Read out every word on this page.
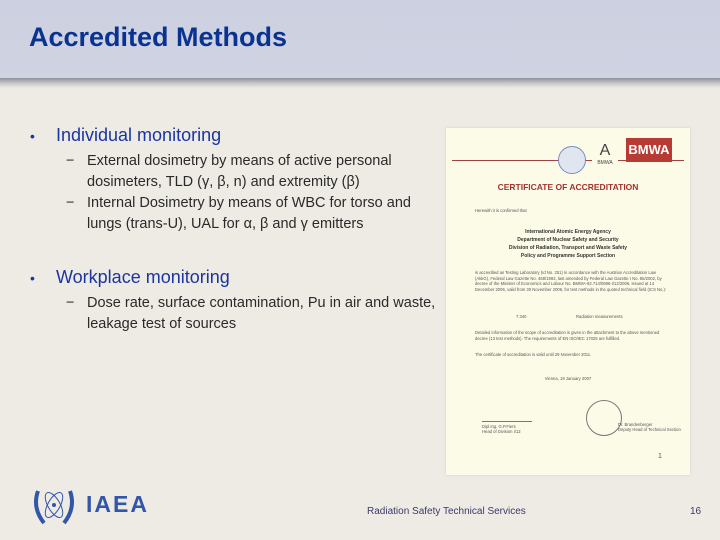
Accredited Methods
• Individual monitoring
− External dosimetry by means of active personal dosimeters, TLD (γ, β, n) and extremity (β)
− Internal Dosimetry by means of WBC for torso and lungs (trans-U), UAL for α, β and γ emitters
• Workplace monitoring
− Dose rate, surface contamination, Pu in air and waste, leakage test of sources
A
BMWA
BMWA
CERTIFICATE OF ACCREDITATION
Herewith it is confirmed that
International Atomic Energy Agency
Department of Nuclear Safety and Security
Division of Radiation, Transport and Waste Safety
Policy and Programme Support Section
is accredited as Testing Laboratory (Id No. 251) in accordance with the Austrian Accreditation Law (AkkG), Federal Law Gazette No. 468/1992, last amended by Federal Law Gazette I No. 85/2002, by decree of the Minister of Economics and Labour No. BMWA-92.714/0696-I/12/2006, issued at 14 December 2006, valid from 30 November 2006, for test methods in the quoted technical field (ICS No.):
7.340	Radiation measurements
Detailed information of the scope of accreditation is given in the attachment to the above mentioned decree (13 test methods). The requirements of EN ISO/IEC 17025 are fulfilled.
The certificate of accreditation is valid until 29 November 2011.
Vienna, 19 January 2007
Dipl.Ing. G.P.Fiers
Head of Division I/12
Dr. Brandenberger
Deputy Head of Technical Section
1
IAEA	Radiation Safety Technical Services	16
